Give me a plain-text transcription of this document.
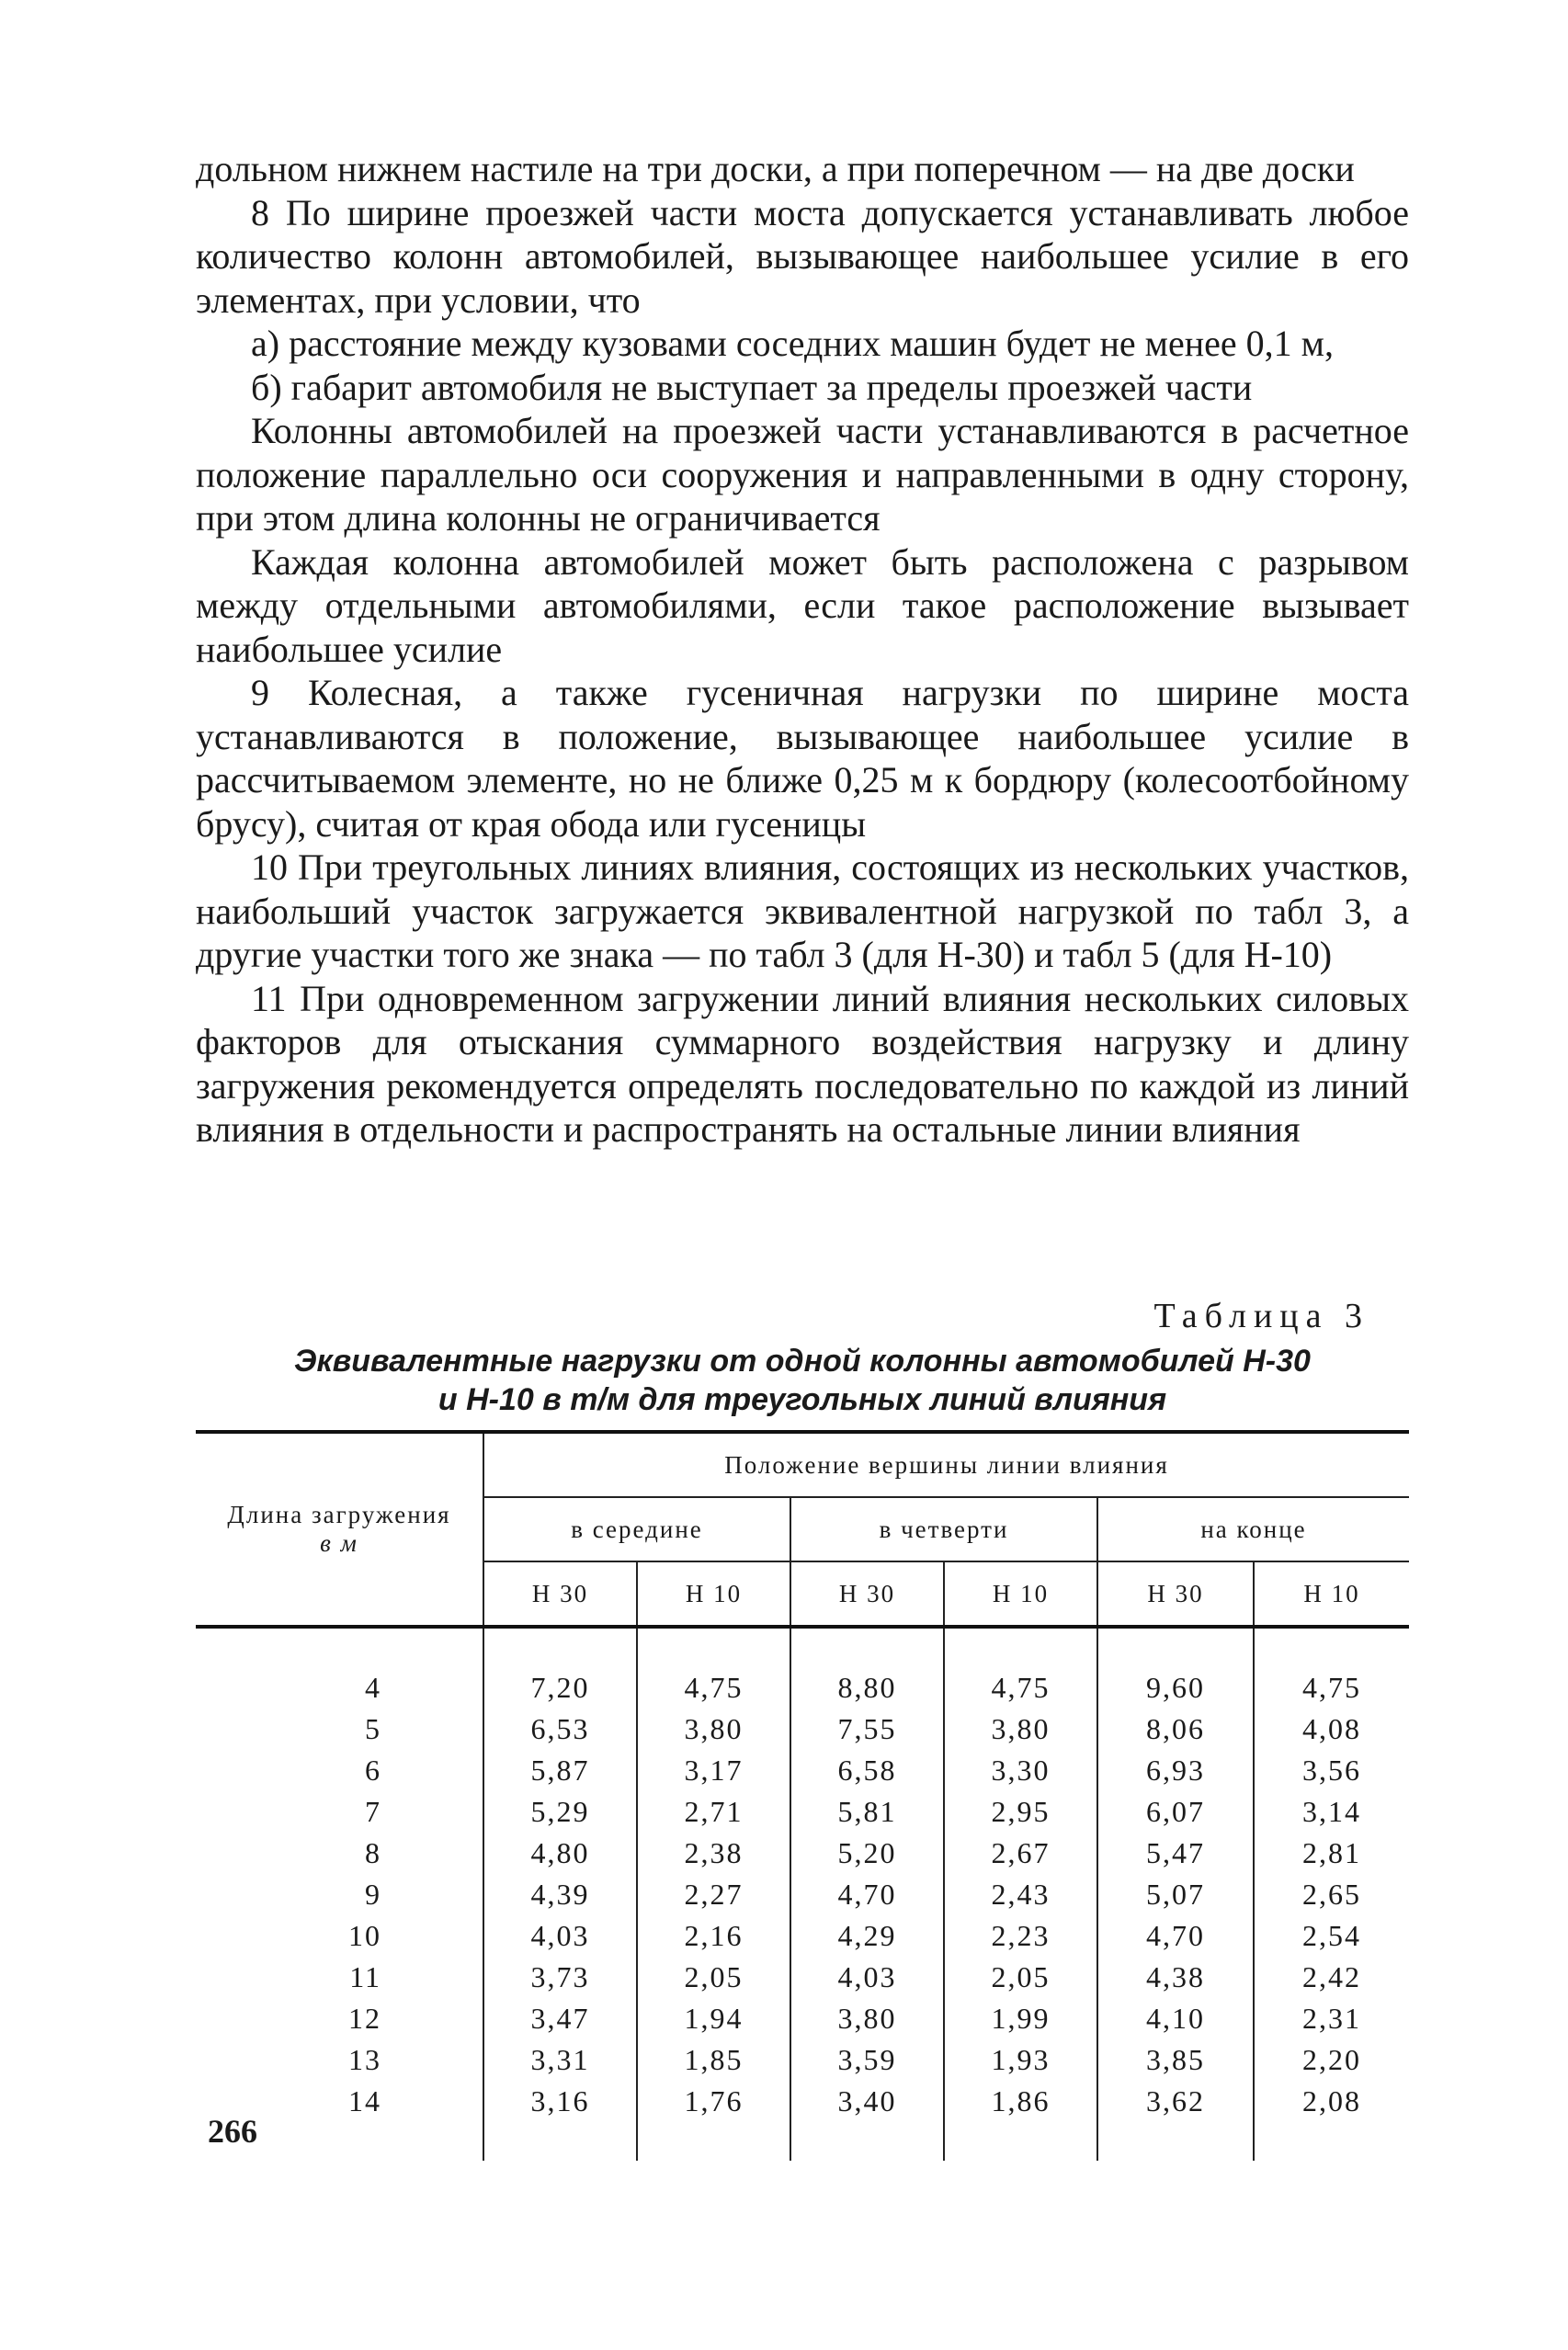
дольном нижнем настиле на три доски, а при поперечном — на две доски

8 По ширине проезжей части моста допускается устанавливать любое количество колонн автомобилей, вызывающее наибольшее усилие в его элементах, при условии, что

а) расстояние между кузовами соседних машин будет не менее 0,1 м,

б) габарит автомобиля не выступает за пределы проезжей части

Колонны автомобилей на проезжей части устанавливаются в расчетное положение параллельно оси сооружения и направленными в одну сторону, при этом длина колонны не ограничивается

Каждая колонна автомобилей может быть расположена с разрывом между отдельными автомобилями, если такое расположение вызывает наибольшее усилие

9 Колесная, а также гусеничная нагрузки по ширине моста устанавливаются в положение, вызывающее наибольшее усилие в рассчитываемом элементе, но не ближе 0,25 м к бордюру (колесоотбойному брусу), считая от края обода или гусеницы

10 При треугольных линиях влияния, состоящих из нескольких участков, наибольший участок загружается эквивалентной нагрузкой по табл 3, а другие участки того же знака — по табл 3 (для Н-30) и табл 5 (для Н-10)

11 При одновременном загружении линий влияния нескольких силовых факторов для отыскания суммарного воздействия нагрузку и длину загружения рекомендуется определять последовательно по каждой из линий влияния в отдельности и распространять на остальные линии влияния

Таблица 3
Эквивалентные нагрузки от одной колонны автомобилей Н-30
и Н-10 в т/м для треугольных линий влияния
Длина загружения
в м	Положение вершины линии влияния					
	в середине		в четверти		на конце	
	Н 30	Н 10	Н 30	Н 10	Н 30	Н 10

4	7,20	4,75	8,80	4,75	9,60	4,75
5	6,53	3,80	7,55	3,80	8,06	4,08
6	5,87	3,17	6,58	3,30	6,93	3,56
7	5,29	2,71	5,81	2,95	6,07	3,14
8	4,80	2,38	5,20	2,67	5,47	2,81
9	4,39	2,27	4,70	2,43	5,07	2,65
10	4,03	2,16	4,29	2,23	4,70	2,54
11	3,73	2,05	4,03	2,05	4,38	2,42
12	3,47	1,94	3,80	1,99	4,10	2,31
13	3,31	1,85	3,59	1,93	3,85	2,20
14	3,16	1,76	3,40	1,86	3,62	2,08

266
